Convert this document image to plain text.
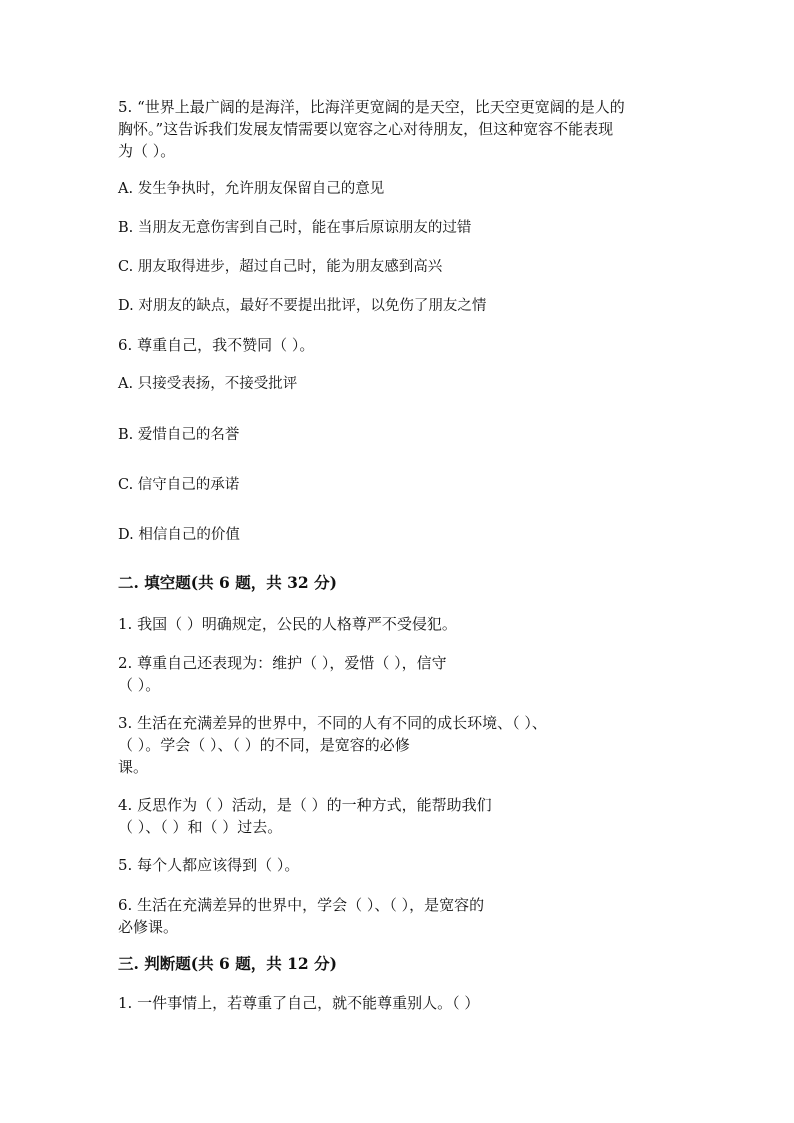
5. “世界上最广阔的是海洋，比海洋更宽阔的是天空，比天空更宽阔的是人的

胸怀。”这告诉我们发展友情需要以宽容之心对待朋友，但这种宽容不能表现

为（ ）。

A. 发生争执时，允许朋友保留自己的意见

B. 当朋友无意伤害到自己时，能在事后原谅朋友的过错

C. 朋友取得进步，超过自己时，能为朋友感到高兴

D. 对朋友的缺点，最好不要提出批评，以免伤了朋友之情

6. 尊重自己，我不赞同（ ）。

A. 只接受表扬，不接受批评

B. 爱惜自己的名誉

C. 信守自己的承诺

D. 相信自己的价值

二. 填空题(共 6 题，共 32 分)

1. 我国（ ）明确规定，公民的人格尊严不受侵犯。

2. 尊重自己还表现为：维护（ ），爱惜（ ），信守

（ ）。

3. 生活在充满差异的世界中，不同的人有不同的成长环境、（ ）、

（ ）。学会（ ）、（ ）的不同，是宽容的必修

课。

4. 反思作为（ ）活动，是（ ）的一种方式，能帮助我们

（ ）、（ ）和（ ）过去。

5. 每个人都应该得到（ ）。

6. 生活在充满差异的世界中，学会（ ）、（ ），是宽容的

必修课。

三. 判断题(共 6 题，共 12 分)

1. 一件事情上，若尊重了自己，就不能尊重别人。（ ）
